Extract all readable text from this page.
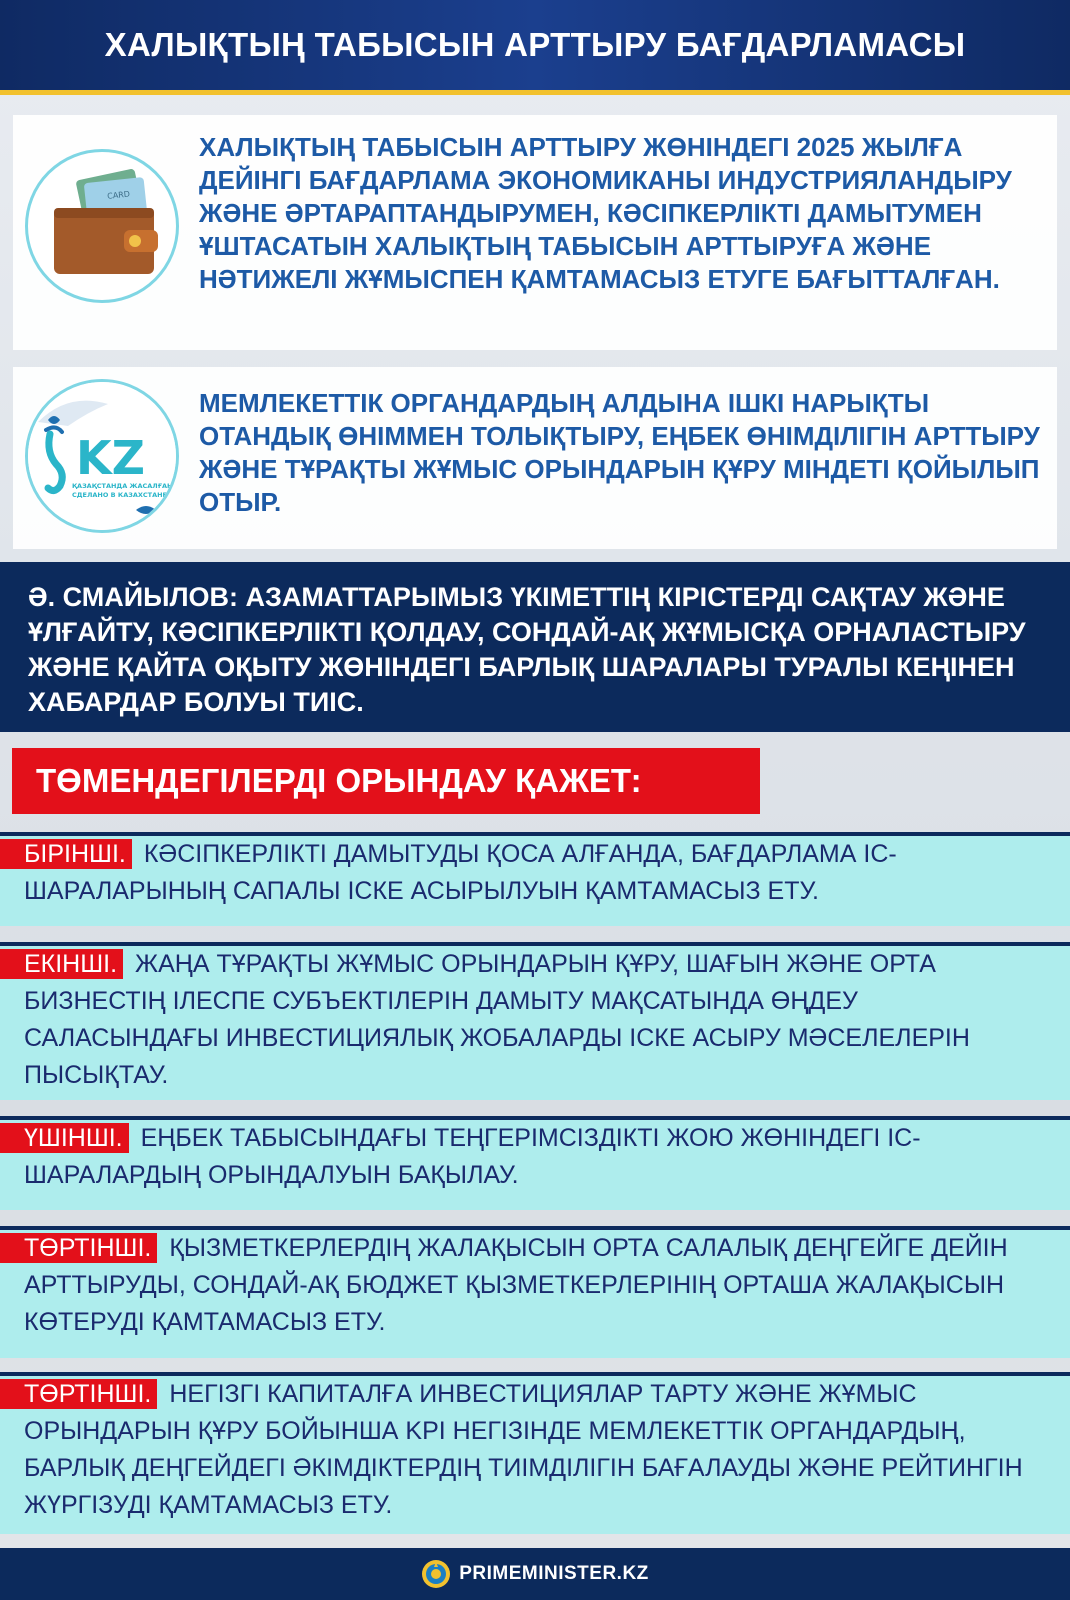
ХАЛЫҚТЫҢ ТАБЫСЫН АРТТЫРУ БАҒДАРЛАМАСЫ
CARD
ХАЛЫҚТЫҢ ТАБЫСЫН АРТТЫРУ ЖӨНІНДЕГІ 2025 ЖЫЛҒА ДЕЙІНГІ БАҒДАРЛАМА ЭКОНОМИКАНЫ ИНДУСТРИЯЛАНДЫРУ ЖӘНЕ ӘРТАРАПТАНДЫРУМЕН, КӘСІПКЕРЛІКТІ ДАМЫТУМЕН ҰШТАСАТЫН ХАЛЫҚТЫҢ ТАБЫСЫН АРТТЫРУҒА ЖӘНЕ НӘТИЖЕЛІ ЖҰМЫСПЕН ҚАМТАМАСЫЗ ЕТУГЕ БАҒЫТТАЛҒАН.
KZ
ҚАЗАҚСТАНДА ЖАСАЛҒАН
СДЕЛАНО В КАЗАХСТАНЕ
МЕМЛЕКЕТТІК ОРГАНДАРДЫҢ АЛДЫНА ІШКІ НАРЫҚТЫ ОТАНДЫҚ ӨНІММЕН ТОЛЫҚТЫРУ, ЕҢБЕК ӨНІМДІЛІГІН АРТТЫРУ ЖӘНЕ ТҰРАҚТЫ ЖҰМЫС ОРЫНДАРЫН ҚҰРУ МІНДЕТІ ҚОЙЫЛЫП ОТЫР.
Ә. СМАЙЫЛОВ: АЗАМАТТАРЫМЫЗ ҮКІМЕТТІҢ КІРІСТЕРДІ САҚТАУ ЖӘНЕ ҰЛҒАЙТУ, КӘСІПКЕРЛІКТІ ҚОЛДАУ, СОНДАЙ-АҚ ЖҰМЫСҚА ОРНАЛАСТЫРУ ЖӘНЕ ҚАЙТА ОҚЫТУ ЖӨНІНДЕГІ БАРЛЫҚ ШАРАЛАРЫ ТУРАЛЫ КЕҢІНЕН ХАБАРДАР БОЛУЫ ТИІС.
ТӨМЕНДЕГІЛЕРДІ ОРЫНДАУ ҚАЖЕТ:
БІРІНШІ. КӘСІПКЕРЛІКТІ ДАМЫТУДЫ ҚОСА АЛҒАНДА, БАҒДАРЛАМА ІС-ШАРАЛАРЫНЫҢ САПАЛЫ ІСКЕ АСЫРЫЛУЫН ҚАМТАМАСЫЗ ЕТУ.
ЕКІНШІ. ЖАҢА ТҰРАҚТЫ ЖҰМЫС ОРЫНДАРЫН ҚҰРУ, ШАҒЫН ЖӘНЕ ОРТА БИЗНЕСТІҢ ІЛЕСПЕ СУБЪЕКТІЛЕРІН ДАМЫТУ МАҚСАТЫНДА ӨҢДЕУ САЛАСЫНДАҒЫ ИНВЕСТИЦИЯЛЫҚ ЖОБАЛАРДЫ ІСКЕ АСЫРУ МӘСЕЛЕЛЕРІН ПЫСЫҚТАУ.
ҮШІНШІ. ЕҢБЕК ТАБЫСЫНДАҒЫ ТЕҢГЕРІМСІЗДІКТІ ЖОЮ ЖӨНІНДЕГІ ІС-ШАРАЛАРДЫҢ ОРЫНДАЛУЫН БАҚЫЛАУ.
ТӨРТІНШІ. ҚЫЗМЕТКЕРЛЕРДІҢ ЖАЛАҚЫСЫН ОРТА САЛАЛЫҚ ДЕҢГЕЙГЕ ДЕЙІН АРТТЫРУДЫ, СОНДАЙ-АҚ БЮДЖЕТ ҚЫЗМЕТКЕРЛЕРІНІҢ ОРТАША ЖАЛАҚЫСЫН КӨТЕРУДІ ҚАМТАМАСЫЗ ЕТУ.
ТӨРТІНШІ. НЕГІЗГІ КАПИТАЛҒА ИНВЕСТИЦИЯЛАР ТАРТУ ЖӘНЕ ЖҰМЫС ОРЫНДАРЫН ҚҰРУ БОЙЫНША KPI НЕГІЗІНДЕ МЕМЛЕКЕТТІК ОРГАНДАРДЫҢ, БАРЛЫҚ ДЕҢГЕЙДЕГІ ӘКІМДІКТЕРДІҢ ТИІМДІЛІГІН БАҒАЛАУДЫ ЖӘНЕ РЕЙТИНГІН ЖҮРГІЗУДІ ҚАМТАМАСЫЗ ЕТУ.
PRIMEMINISTER.KZ
